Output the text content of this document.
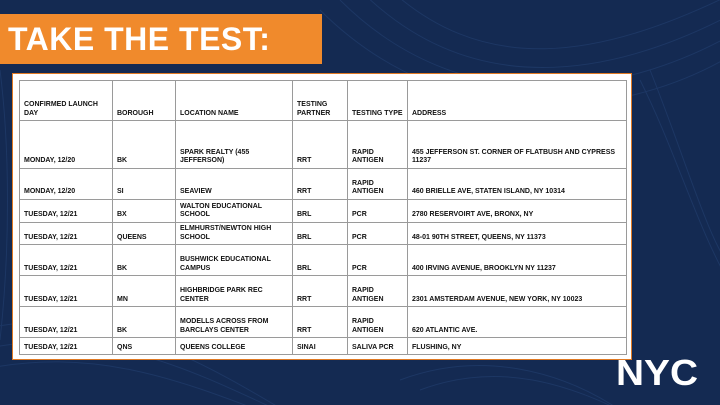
TAKE THE TEST:
CONFIRMED LAUNCH DAY	BOROUGH	LOCATION NAME	TESTING PARTNER	TESTING TYPE	ADDRESS
MONDAY, 12/20	BK	SPARK REALTY (455 JEFFERSON)	RRT	RAPID ANTIGEN	455 JEFFERSON ST. CORNER OF FLATBUSH AND CYPRESS 11237
MONDAY, 12/20	SI	SEAVIEW	RRT	RAPID ANTIGEN	460 BRIELLE AVE, STATEN ISLAND, NY 10314
TUESDAY, 12/21	BX	WALTON EDUCATIONAL SCHOOL	BRL	PCR	2780 RESERVOIRT AVE, BRONX, NY
TUESDAY, 12/21	QUEENS	ELMHURST/NEWTON HIGH SCHOOL	BRL	PCR	48-01 90TH STREET, QUEENS, NY 11373
TUESDAY, 12/21	BK	BUSHWICK EDUCATIONAL CAMPUS	BRL	PCR	400 IRVING AVENUE, BROOKLYN NY 11237
TUESDAY, 12/21	MN	HIGHBRIDGE PARK REC CENTER	RRT	RAPID ANTIGEN	2301 AMSTERDAM AVENUE, NEW YORK, NY 10023
TUESDAY, 12/21	BK	MODELLS ACROSS FROM BARCLAYS CENTER	RRT	RAPID ANTIGEN	620 ATLANTIC AVE.
TUESDAY, 12/21	QNS	QUEENS COLLEGE	SINAI	SALIVA PCR	FLUSHING, NY
NYC
